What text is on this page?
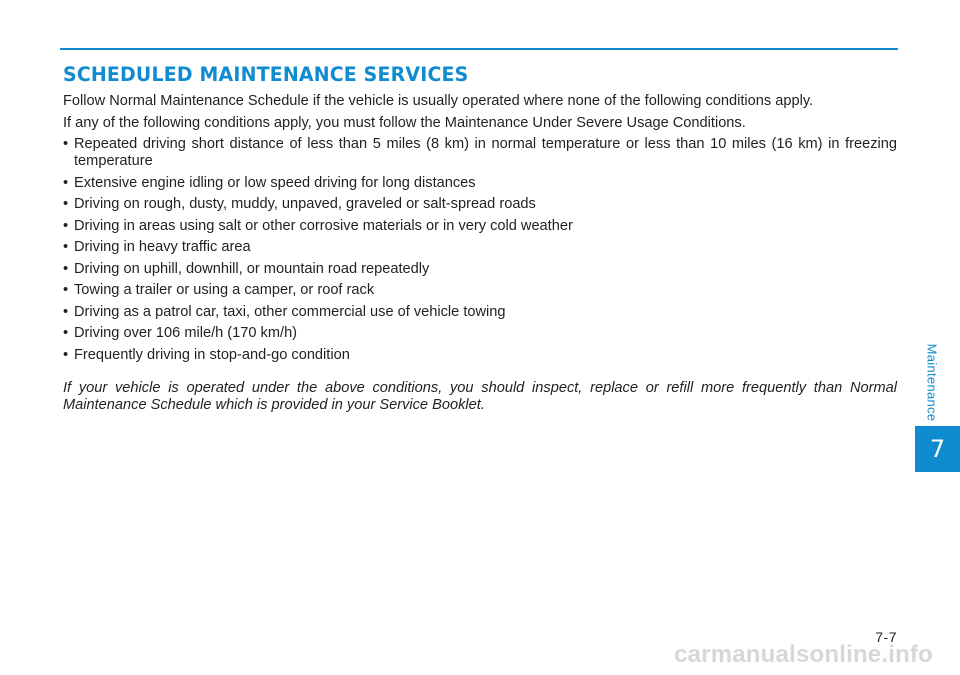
SCHEDULED MAINTENANCE SERVICES

Follow Normal Maintenance Schedule if the vehicle is usually operated where none of the following conditions apply.

If any of the following conditions apply, you must follow the Maintenance Under Severe Usage Conditions.

• Repeated driving short distance of less than 5 miles (8 km) in normal temperature or less than 10 miles (16 km) in freezing temperature
• Extensive engine idling or low speed driving for long distances
• Driving on rough, dusty, muddy, unpaved, graveled or salt-spread roads
• Driving in areas using salt or other corrosive materials or in very cold weather
• Driving in heavy traffic area
• Driving on uphill, downhill, or mountain road repeatedly
• Towing a trailer or using a camper, or roof rack
• Driving as a patrol car, taxi, other commercial use of vehicle towing
• Driving over 106 mile/h (170 km/h)
• Frequently driving in stop-and-go condition

If your vehicle is operated under the above conditions, you should inspect, replace or refill more frequently than Normal Maintenance Schedule which is provided in your Service Booklet.	Maintenance
7
7-7
carmanualsonline.info
